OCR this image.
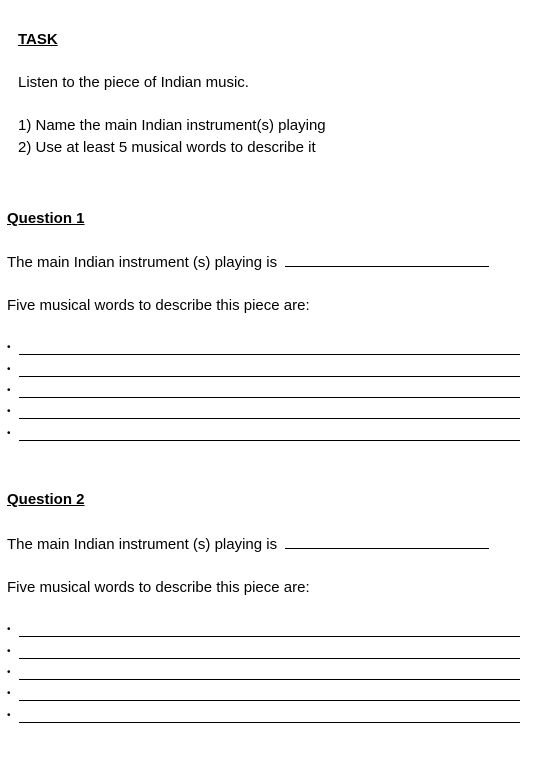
TASK
Listen to the piece of Indian music.
1) Name the main Indian instrument(s) playing
2) Use at least 5 musical words to describe it
Question 1
The main Indian instrument (s) playing is
Five musical words to describe this piece are:
•
•
•
•
•
Question 2
The main Indian instrument (s) playing is
Five musical words to describe this piece are:
•
•
•
•
•
